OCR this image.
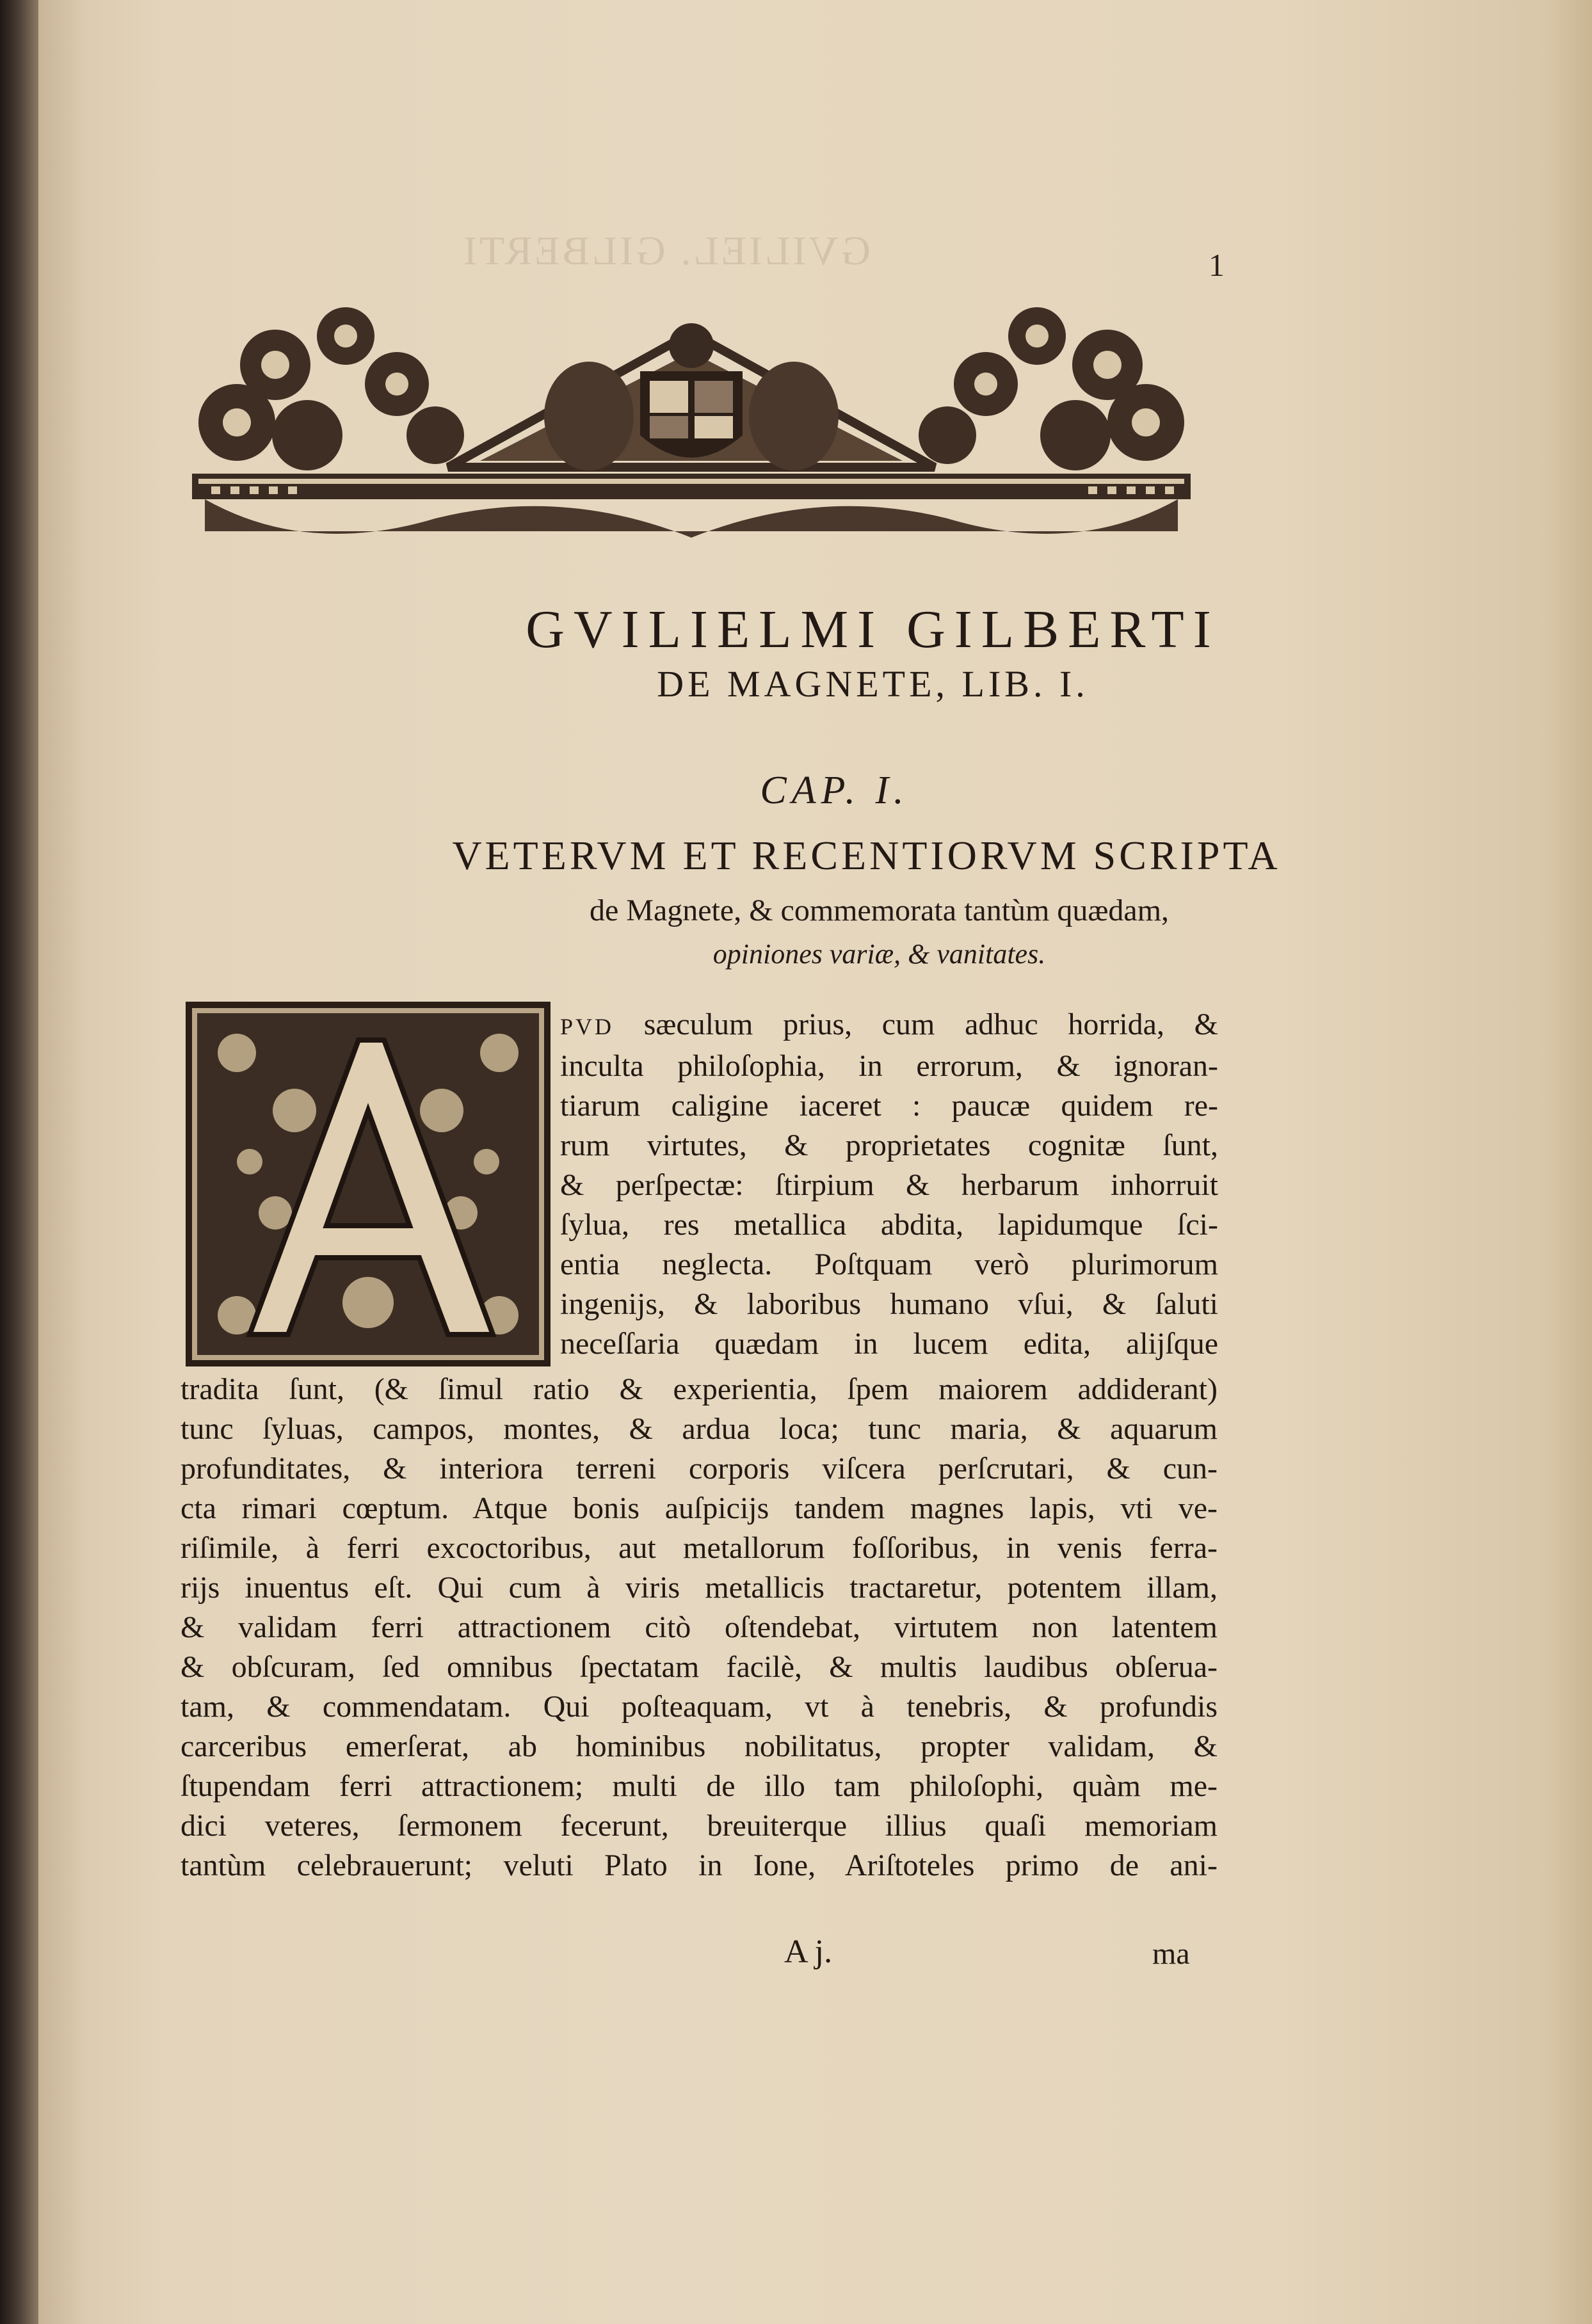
GVILIEL. GILBERTI	1
GVILIELMI GILBERTI
DE MAGNETE, LIB. I.
CAP. I.
VETERVM ET RECENTIORVM SCRIPTA
de Magnete, & commemorata tantùm quædam,
opiniones variæ, & vanitates.
PVD sæculum prius, cum adhuc horrida, &
inculta philoſophia, in errorum, & ignoran-
tiarum caligine iaceret : paucæ quidem re-
rum virtutes, & proprietates cognitæ ſunt,
& perſpectæ: ſtirpium & herbarum inhorruit
ſylua, res metallica abdita, lapidumque ſci-
entia neglecta. Poſtquam verò plurimorum
ingenijs, & laboribus humano vſui, & ſaluti
neceſſaria quædam in lucem edita, alijſque
tradita ſunt, (& ſimul ratio & experientia, ſpem maiorem addiderant)
tunc ſyluas, campos, montes, & ardua loca; tunc maria, & aquarum
profunditates, & interiora terreni corporis viſcera perſcrutari, & cun-
cta rimari cœptum. Atque bonis auſpicijs tandem magnes lapis, vti ve-
riſimile, à ferri excoctoribus, aut metallorum foſſoribus, in venis ferra-
rijs inuentus eſt. Qui cum à viris metallicis tractaretur, potentem illam,
& validam ferri attractionem citò oſtendebat, virtutem non latentem
& obſcuram, ſed omnibus ſpectatam facilè, & multis laudibus obſerua-
tam, & commendatam. Qui poſteaquam, vt à tenebris, & profundis
carceribus emerſerat, ab hominibus nobilitatus, propter validam, &
ſtupendam ferri attractionem; multi de illo tam philoſophi, quàm me-
dici veteres, ſermonem fecerunt, breuiterque illius quaſi memoriam
tantùm celebrauerunt; veluti Plato in Ione, Ariſtoteles primo de ani-
A j.	ma
